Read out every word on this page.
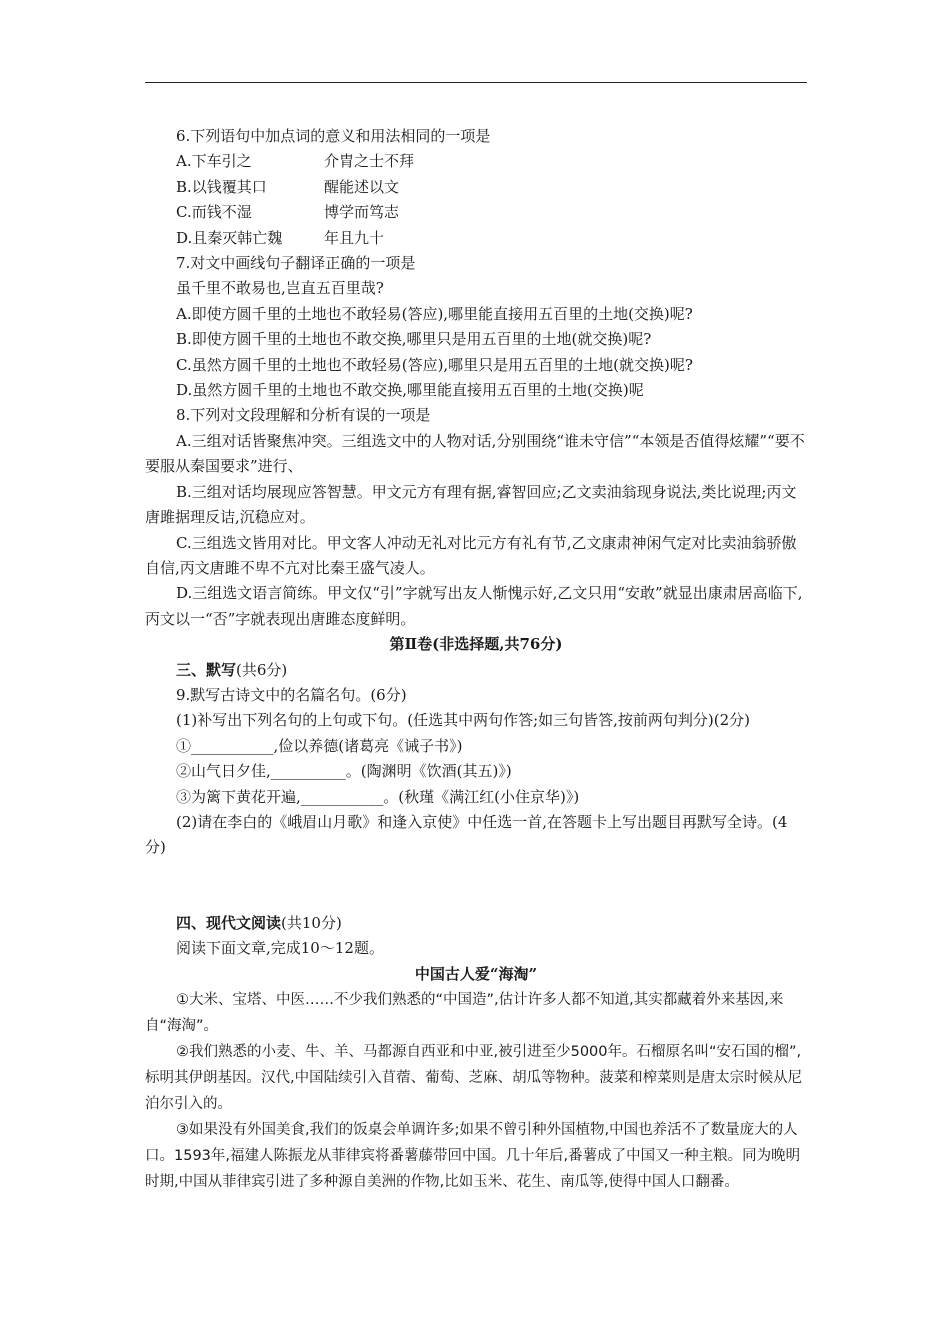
6.下列语句中加点词的意义和用法相同的一项是

A.下车引之	介胄之士不拜

B.以钱覆其口	醒能述以文

C.而钱不湿	博学而笃志

D.且秦灭韩亡魏	年且九十

7.对文中画线句子翻译正确的一项是

虽千里不敢易也,岂直五百里哉?

A.即使方圆千里的土地也不敢轻易(答应),哪里能直接用五百里的土地(交换)呢?

B.即使方圆千里的土地也不敢交换,哪里只是用五百里的土地(就交换)呢?

C.虽然方圆千里的土地也不敢轻易(答应),哪里只是用五百里的土地(就交换)呢?

D.虽然方圆千里的土地也不敢交换,哪里能直接用五百里的土地(交换)呢

8.下列对文段理解和分析有误的一项是

A.三组对话皆聚焦冲突。三组选文中的人物对话,分别围绕“谁未守信”“本领是否值得炫耀”“要不要服从秦国要求”进行、

B.三组对话均展现应答智慧。甲文元方有理有据,睿智回应;乙文卖油翁现身说法,类比说理;丙文唐雎据理反诘,沉稳应对。

C.三组选文皆用对比。甲文客人冲动无礼对比元方有礼有节,乙文康肃神闲气定对比卖油翁骄傲自信,丙文唐雎不卑不亢对比秦王盛气凌人。

D.三组选文语言简练。甲文仅“引”字就写出友人惭愧示好,乙文只用“安敢”就显出康肃居高临下,丙文以一“否”字就表现出唐雎态度鲜明。

第Ⅱ卷(非选择题,共76分)

三、默写(共6分)

9.默写古诗文中的名篇名句。(6分)

(1)补写出下列名句的上句或下句。(任选其中两句作答;如三句皆答,按前两句判分)(2分)

①___________,俭以养德(诸葛亮《诫子书》)

②山气日夕佳,__________。(陶渊明《饮酒(其五)》)

③为篱下黄花开遍,___________。(秋瑾《满江红(小住京华)》)

(2)请在李白的《峨眉山月歌》和逢入京使》中任选一首,在答题卡上写出题目再默写全诗。(4分)

四、现代文阅读(共10分)

阅读下面文章,完成10～12题。

中国古人爱“海淘”

①大米、宝塔、中医……不少我们熟悉的“中国造”,估计许多人都不知道,其实都藏着外来基因,来自“海淘”。

②我们熟悉的小麦、牛、羊、马都源自西亚和中亚,被引进至少5000年。石榴原名叫“安石国的榴”,标明其伊朗基因。汉代,中国陆续引入苜蓿、葡萄、芝麻、胡瓜等物种。菠菜和榨菜则是唐太宗时候从尼泊尔引入的。

③如果没有外国美食,我们的饭桌会单调许多;如果不曾引种外国植物,中国也养活不了数量庞大的人口。1593年,福建人陈振龙从菲律宾将番薯藤带回中国。几十年后,番薯成了中国又一种主粮。同为晚明时期,中国从菲律宾引进了多种源自美洲的作物,比如玉米、花生、南瓜等,使得中国人口翻番。
